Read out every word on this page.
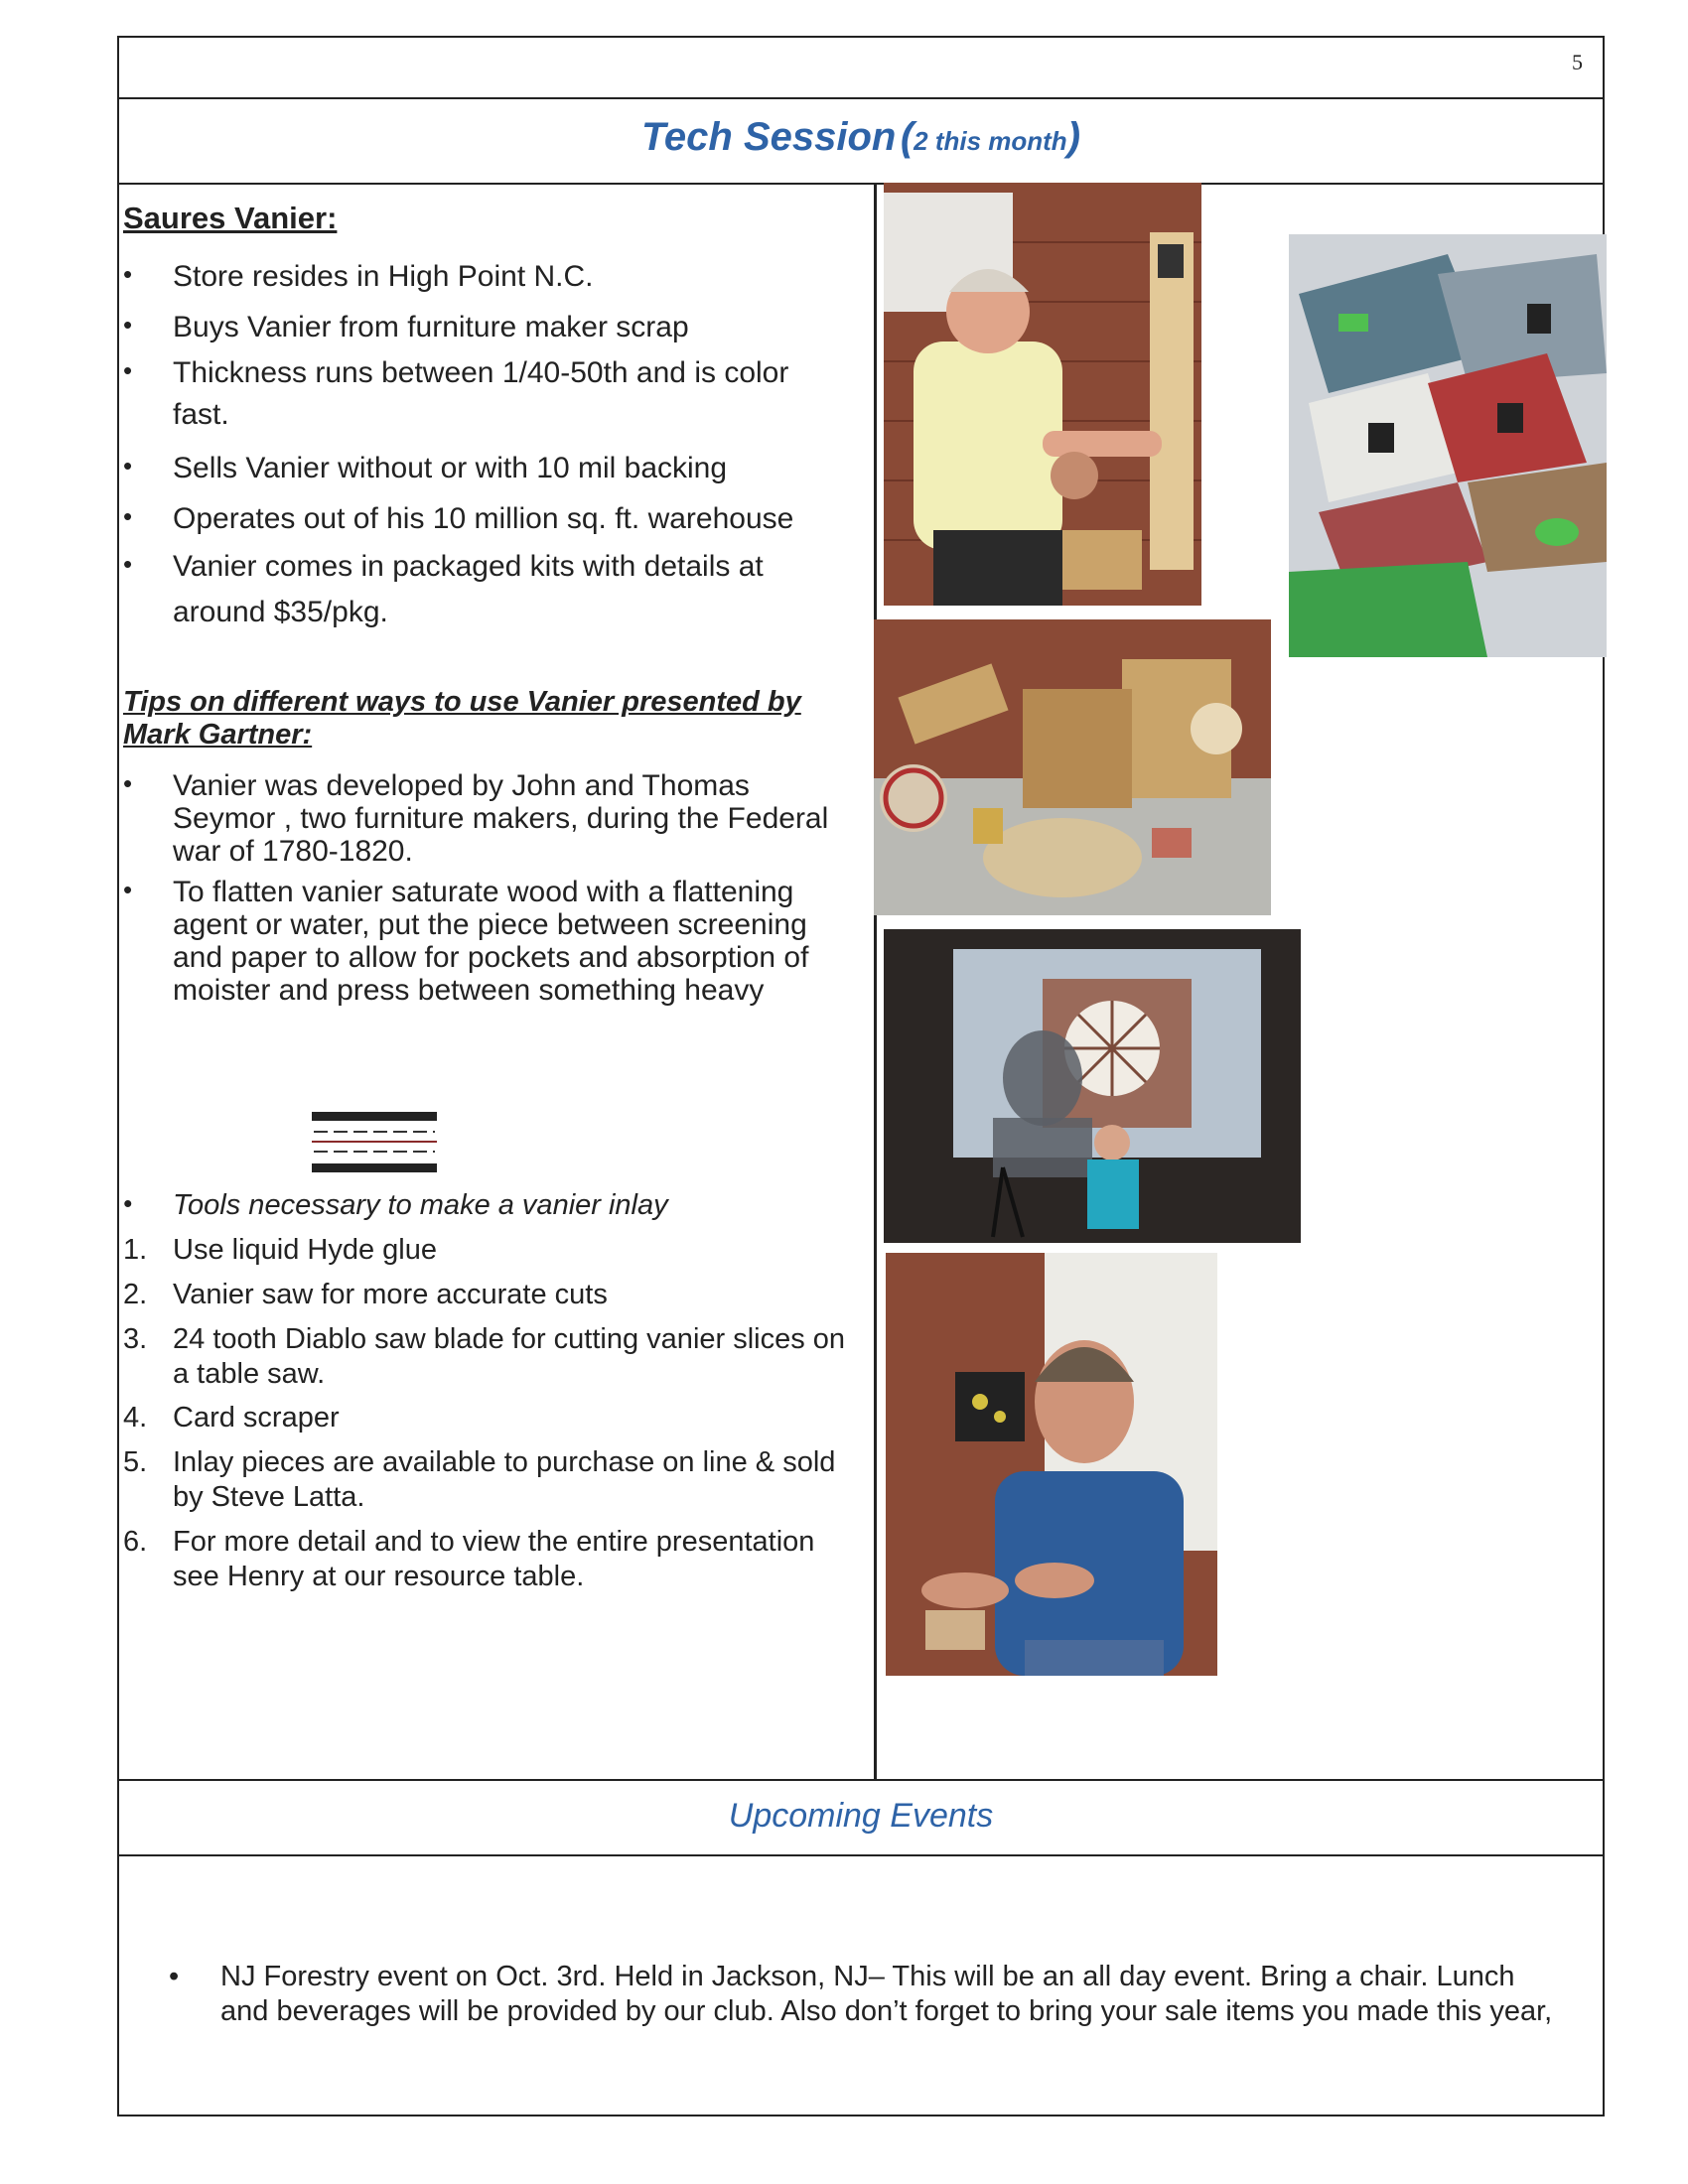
5
Tech Session (2 this month)
Saures Vanier:
• Store resides in High Point N.C.
• Buys Vanier from furniture maker scrap
• Thickness runs between 1/40-50th and is color fast.
• Sells Vanier without or with 10 mil backing
• Operates out of his 10 million sq. ft. warehouse
• Vanier comes in packaged kits with details at around $35/pkg.
Tips on different ways to use Vanier presented by Mark Gartner:
• Vanier was developed by John and Thomas Seymor , two furniture makers, during the Federal war of 1780-1820.
• To flatten vanier saturate wood with a flattening agent or water, put the piece between screening and paper to allow for pockets and absorption of moister and press between something heavy
• Tools necessary to make a vanier inlay
1. Use liquid Hyde glue
2. Vanier saw for more accurate cuts
3. 24 tooth Diablo saw blade for cutting vanier slices on a table saw.
4. Card scraper
5. Inlay pieces are available to purchase on line & sold by Steve Latta.
6. For more detail and to view the entire presentation see Henry at our resource table.
Upcoming Events
• NJ Forestry event on Oct. 3rd. Held in Jackson, NJ– This will be an all day event. Bring a chair. Lunch and beverages will be provided by our club. Also don’t forget to bring your sale items you made this year,
